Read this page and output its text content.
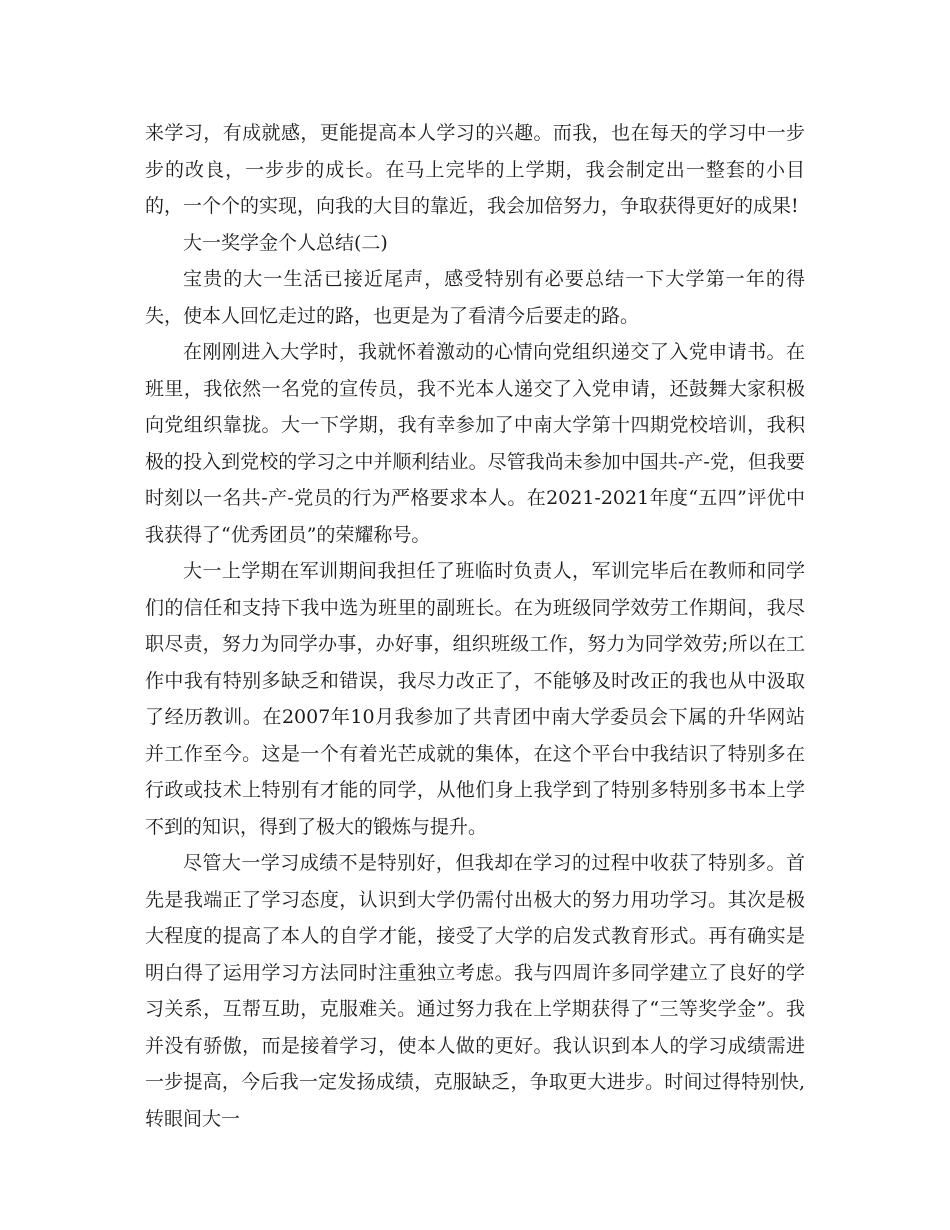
来学习，有成就感，更能提高本人学习的兴趣。而我，也在每天的学习中一步步的改良，一步步的成长。在马上完毕的上学期，我会制定出一整套的小目的，一个个的实现，向我的大目的靠近，我会加倍努力，争取获得更好的成果!

大一奖学金个人总结(二)

宝贵的大一生活已接近尾声，感受特别有必要总结一下大学第一年的得失，使本人回忆走过的路，也更是为了看清今后要走的路。

在刚刚进入大学时，我就怀着激动的心情向党组织递交了入党申请书。在班里，我依然一名党的宣传员，我不光本人递交了入党申请，还鼓舞大家积极向党组织靠拢。大一下学期，我有幸参加了中南大学第十四期党校培训，我积极的投入到党校的学习之中并顺利结业。尽管我尚未参加中国共-产-党，但我要时刻以一名共-产-党员的行为严格要求本人。在2021-2021年度“五四”评优中我获得了“优秀团员”的荣耀称号。

大一上学期在军训期间我担任了班临时负责人，军训完毕后在教师和同学们的信任和支持下我中选为班里的副班长。在为班级同学效劳工作期间，我尽职尽责，努力为同学办事，办好事，组织班级工作，努力为同学效劳;所以在工作中我有特别多缺乏和错误，我尽力改正了，不能够及时改正的我也从中汲取了经历教训。在2007年10月我参加了共青团中南大学委员会下属的升华网站并工作至今。这是一个有着光芒成就的集体，在这个平台中我结识了特别多在行政或技术上特别有才能的同学，从他们身上我学到了特别多特别多书本上学不到的知识，得到了极大的锻炼与提升。

尽管大一学习成绩不是特别好，但我却在学习的过程中收获了特别多。首先是我端正了学习态度，认识到大学仍需付出极大的努力用功学习。其次是极大程度的提高了本人的自学才能，接受了大学的启发式教育形式。再有确实是明白得了运用学习方法同时注重独立考虑。我与四周许多同学建立了良好的学习关系，互帮互助，克服难关。通过努力我在上学期获得了“三等奖学金”。我并没有骄傲，而是接着学习，使本人做的更好。我认识到本人的学习成绩需进一步提高，今后我一定发扬成绩，克服缺乏，争取更大进步。时间过得特别快,转眼间大一
